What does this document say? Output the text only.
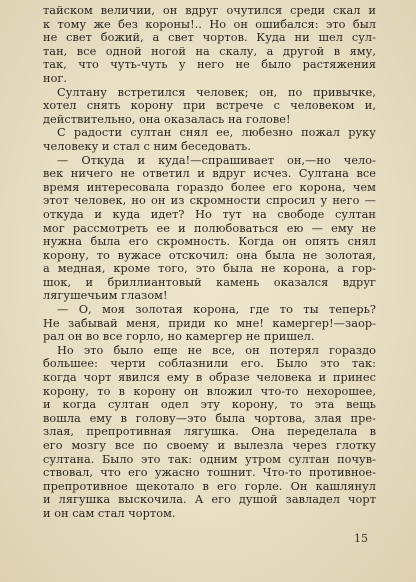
тайском величии, он вдруг очутился среди скал и
к тому же без короны!.. Но он ошибался: это был
не свет божий, а свет чортов. Куда ни шел сул-
тан, все одной ногой на скалу, а другой в яму,
так, что чуть-чуть у него не было растяжения
ног.
Султану встретился человек; он, по привычке,
хотел снять корону при встрече с человеком и,
действительно, она оказалась на голове!
С радости султан снял ее, любезно пожал руку
человеку и стал с ним беседовать.
— Откуда и куда!—спрашивает он,—но чело-
век ничего не ответил и вдруг исчез. Султана все
время интересовала гораздо более его корона, чем
этот человек, но он из скромности спросил у него —
откуда и куда идет? Но тут на свободе султан
мог рассмотреть ее и полюбоваться ею — ему не
нужна была его скромность. Когда он опять снял
корону, то вужасе отскочил: она была не золотая,
а медная, кроме того, это была не корона, а гор-
шок, и бриллиантовый камень оказался вдруг
лягушечьим глазом!
— О, моя золотая корона, где то ты теперь?
Не забывай меня, приди ко мне! камергер!—заор-
рал он во все горло, но камергер не пришел.
Но это было еще не все, он потерял гораздо
большее: черти соблазнили его. Было это так:
когда чорт явился ему в образе человека и принес
корону, то в корону он вложил что-то нехорошее,
и когда султан одел эту корону, то эта вещь
вошла ему в голову—это была чортова, злая пре-
злая, препротивная лягушка. Она переделала в
его мозгу все по своему и вылезла через глотку
султана. Было это так: одним утром султан почув-
ствовал, что его ужасно тошнит. Что-то противное-
препротивное щекотало в его горле. Он кашлянул
и лягушка выскочила. А его душой завладел чорт
и он сам стал чортом.
15
